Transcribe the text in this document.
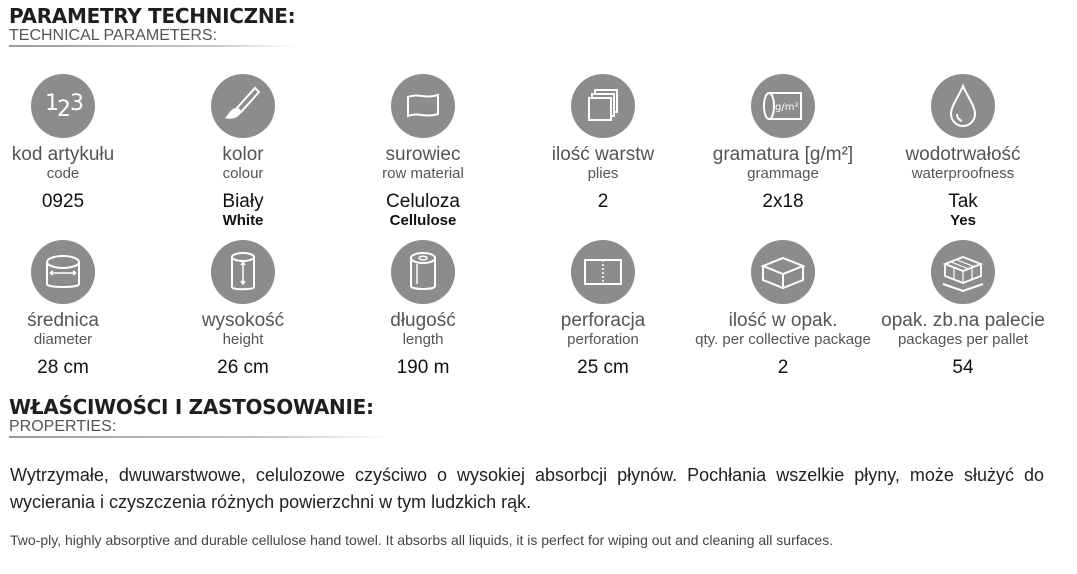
PARAMETRY TECHNICZNE:
TECHNICAL PARAMETERS:
1
2 3
kod artykułu
code
0925
kolor
colour
Biały
White
surowiec
row material
Celuloza
Cellulose
ilość warstw
plies
2
g/m²
gramatura [g/m²]
grammage
2x18
wodotrwałość
waterproofness
Tak
Yes
średnica
diameter
28 cm
wysokość
height
26 cm
długość
length
190 m
perforacja
perforation
25 cm
ilość w opak.
qty. per collective package
2
opak. zb.na palecie
packages per pallet
54
WŁAŚCIWOŚCI I ZASTOSOWANIE:
PROPERTIES:
Wytrzymałe, dwuwarstwowe, celulozowe czyściwo o wysokiej absorbcji płynów. Pochłania wszelkie płyny, może służyć do wycierania i czyszczenia różnych powierzchni w tym ludzkich rąk.
Two-ply, highly absorptive and durable cellulose hand towel. It absorbs all liquids, it is perfect for wiping out and cleaning all surfaces.
